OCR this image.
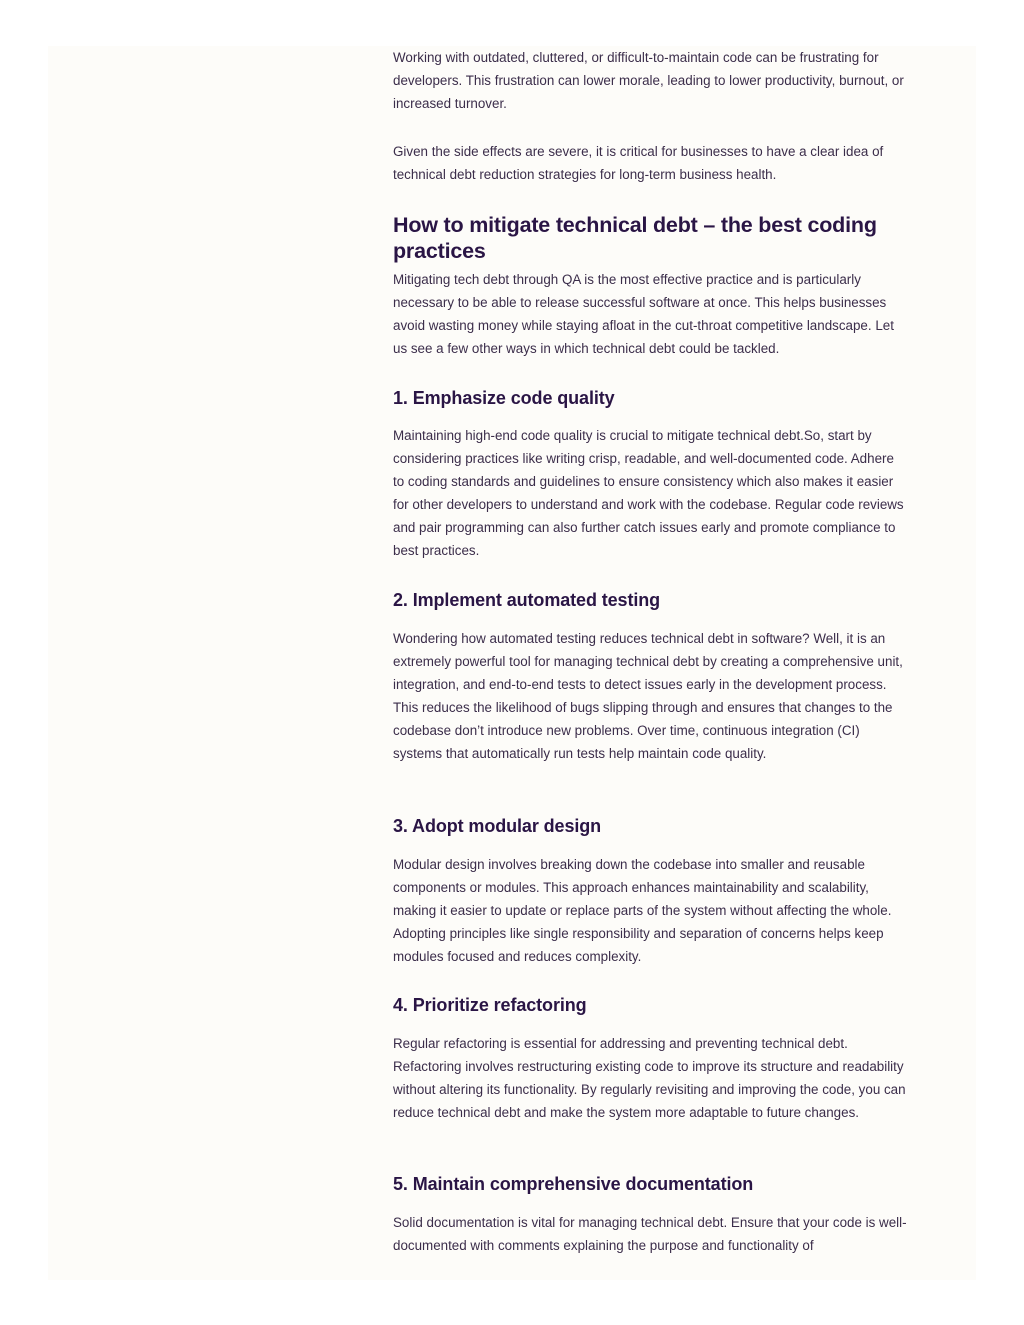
Working with outdated, cluttered, or difficult-to-maintain code can be frustrating for developers. This frustration can lower morale, leading to lower productivity, burnout, or increased turnover.

Given the side effects are severe, it is critical for businesses to have a clear idea of technical debt reduction strategies for long-term business health.

How to mitigate technical debt – the best coding practices

Mitigating tech debt through QA is the most effective practice and is particularly necessary to be able to release successful software at once. This helps businesses avoid wasting money while staying afloat in the cut-throat competitive landscape. Let us see a few other ways in which technical debt could be tackled.

1. Emphasize code quality

Maintaining high-end code quality is crucial to mitigate technical debt.So, start by considering practices like writing crisp, readable, and well-documented code. Adhere to coding standards and guidelines to ensure consistency which also makes it easier for other developers to understand and work with the codebase. Regular code reviews and pair programming can also further catch issues early and promote compliance to best practices.

2. Implement automated testing

Wondering how automated testing reduces technical debt in software? Well, it is an extremely powerful tool for managing technical debt by creating a comprehensive unit, integration, and end-to-end tests to detect issues early in the development process.

This reduces the likelihood of bugs slipping through and ensures that changes to the codebase don’t introduce new problems. Over time, continuous integration (CI) systems that automatically run tests help maintain code quality.

3. Adopt modular design

Modular design involves breaking down the codebase into smaller and reusable components or modules. This approach enhances maintainability and scalability, making it easier to update or replace parts of the system without affecting the whole. Adopting principles like single responsibility and separation of concerns helps keep modules focused and reduces complexity.

4. Prioritize refactoring

Regular refactoring is essential for addressing and preventing technical debt. Refactoring involves restructuring existing code to improve its structure and readability without altering its functionality. By regularly revisiting and improving the code, you can reduce technical debt and make the system more adaptable to future changes.

5. Maintain comprehensive documentation

Solid documentation is vital for managing technical debt. Ensure that your code is well-documented with comments explaining the purpose and functionality of
